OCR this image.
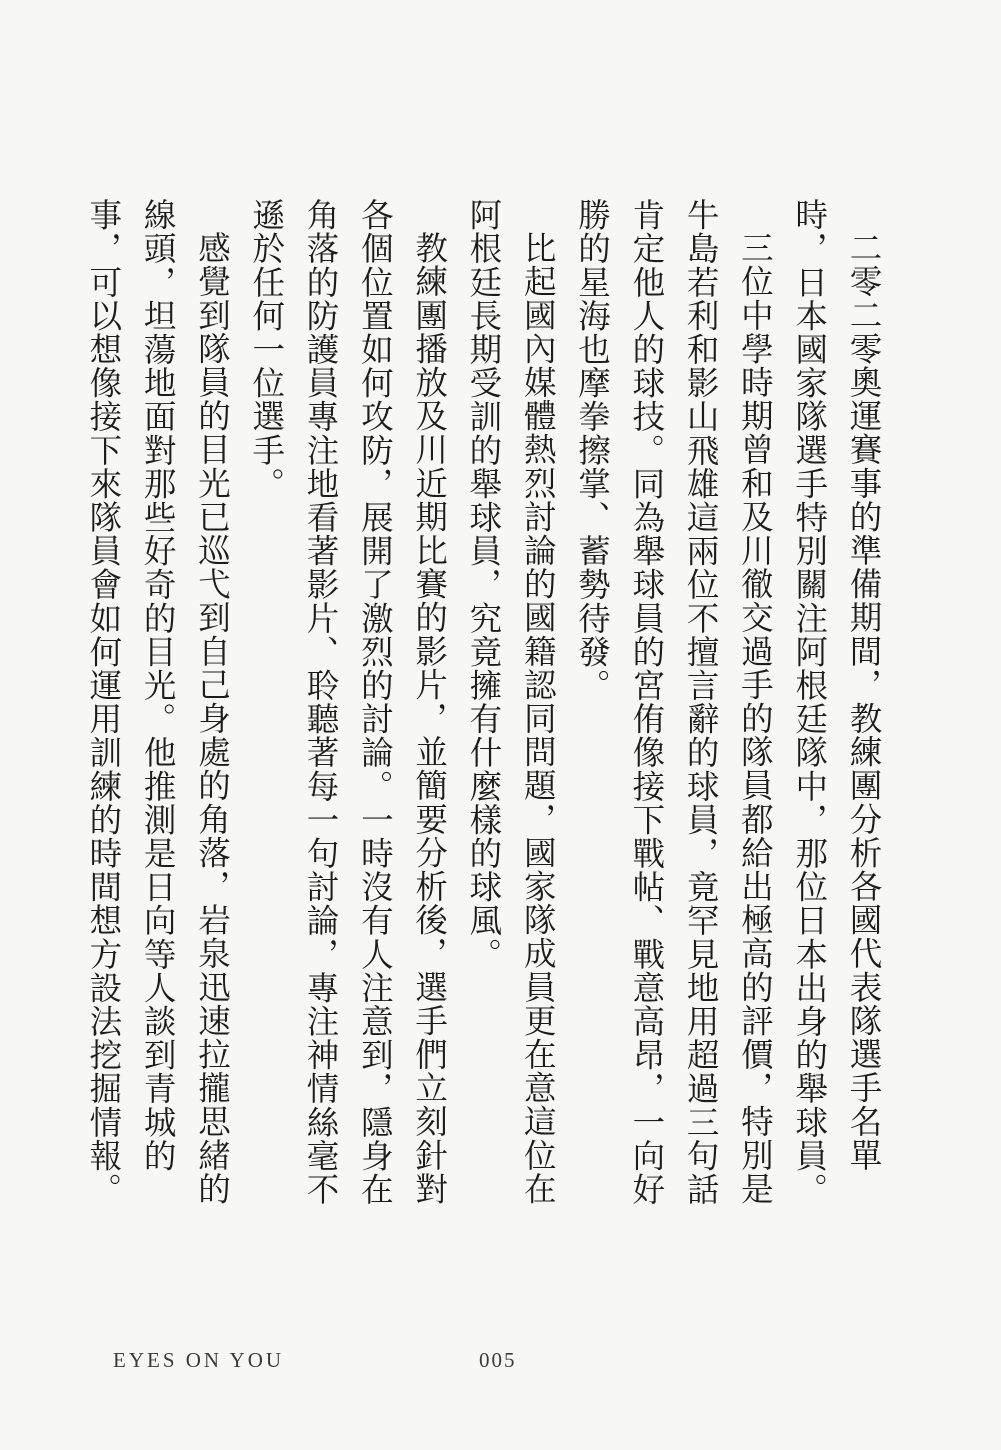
二零二零奧運賽事的準備期間，教練團分析各國代表隊選手名單時，日本國家隊選手特別關注阿根廷隊中，那位日本出身的舉球員。

三位中學時期曾和及川徹交過手的隊員都給出極高的評價，特別是牛島若利和影山飛雄這兩位不擅言辭的球員，竟罕見地用超過三句話肯定他人的球技。同為舉球員的宮侑像接下戰帖、戰意高昂，一向好勝的星海也摩拳擦掌、蓄勢待發。

比起國內媒體熱烈討論的國籍認同問題，國家隊成員更在意這位在阿根廷長期受訓的舉球員，究竟擁有什麼樣的球風。

教練團播放及川近期比賽的影片，並簡要分析後，選手們立刻針對各個位置如何攻防，展開了激烈的討論。一時沒有人注意到，隱身在角落的防護員專注地看著影片、聆聽著每一句討論，專注神情絲毫不遜於任何一位選手。

感覺到隊員的目光已巡弋到自己身處的角落，岩泉迅速拉攏思緒的線頭，坦蕩地面對那些好奇的目光。他推測是日向等人談到青城的事，可以想像接下來隊員會如何運用訓練的時間想方設法挖掘情報。

EYES ON YOU	005
